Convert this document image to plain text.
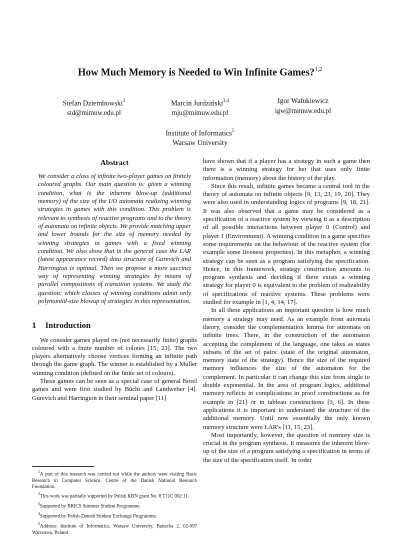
How Much Memory is Needed to Win Infinite Games?$^{1,2}$
Stefan Dziembowski$^3$
std@mimuw.edu.pl
Marcin Jurdziński$^{3,4}$
mju@mimuw.edu.pl
Igor Walukiewicz
igw@mimuw.edu.pl
Institute of Informatics$^5$
Warsaw University
Abstract

We consider a class of infinite two-player games on finitely coloured graphs. Our main question is: given a winning condition, what is the inherent blow-up (additional memory) of the size of the I/O automata realizing winning strategies in games with this condition. This problem is relevant to synthesis of reactive programs and to the theory of automata on infinite objects. We provide matching upper and lower bounds for the size of memory needed by winning strategies in games with a fixed winning condition. We also show that in the general case the LAR (latest appearance record) data structure of Gurevich and Harrington is optimal. Then we propose a more succinct way of representing winning strategies by means of parallel compositions of transition systems. We study the question: which classes of winning conditions admit only polynomial-size blowup of strategies in this representation.

1 Introduction

We consider games played on (not necessarily finite) graphs coloured with a finite number of colours [15, 23]. The two players alternatively choose vertices forming an infinite path through the game graph. The winner is established by a Muller winning condition (defined on the finite set of colours).

These games can be seen as a special case of general Borel games and were first studied by Büchi and Landweber [4]. Gurevich and Harrington in their seminal paper [11]

$^1$A part of this research was carried out while the authors were visiting Basic Research in Computer Science, Centre of the Danish National Research Foundation.
$^2$This work was partially supported by Polish KBN grant No. 8 T11C 002 11.
$^3$Supported by BRICS Summer Student Programme.
$^4$Supported by Polish-Danish Student Exchange Programme.
$^5$Address: Institute of Informatics, Warsaw University, Banacha 2, 02-097 Warszawa, Poland.

have shown that if a player has a strategy in such a game then there is a winning strategy for her that uses only finite information (memory) about the history of the play.

Since this result, infinite games became a central tool in the theory of automata on infinite objects [9, 13, 23, 19, 20]. They were also used in understanding logics of programs [9, 18, 21]. It was also observed that a game may be considered as a specification of a reactive system by viewing it as a description of all possible interactions between player 0 (Control) and player 1 (Environment). A winning condition in a game specifies some requirements on the behaviour of the reactive system (for example some liveness properties). In this metaphor, a winning strategy can be seen as a program satisfying the specification. Hence, in this framework, strategy construction amounts to program synthesis and deciding if there exists a winning strategy for player 0 is equivalent to the problem of realizability of specifications of reactive systems. These problems were studied for example in [1, 4, 14, 17].

In all these applications an important question is how much memory a strategy may need. As an example from automata theory, consider the complementation lemma for automata on infinite trees. There, in the construction of the automaton accepting the complement of the language, one takes as states subsets of the set of pairs: (state of the original automaton, memory state of the strategy). Hence the size of the required memory influences the size of the automaton for the complement. In particular it can change this size from single to double exponential. In the area of program logics, additional memory reflects in complications in proof constructions as for example in [21] or in tableau constructions [3, 6]. In these applications it is important to understand the structure of the additional memory. Until now essentially the only known memory structure were LAR's [11, 15, 23].

Most importantly, however, the question of memory size is crucial in the program synthesis. It measures the inherent blow-up of the size of a program satisfying a specification in terms of the size of the specification itself. In order
